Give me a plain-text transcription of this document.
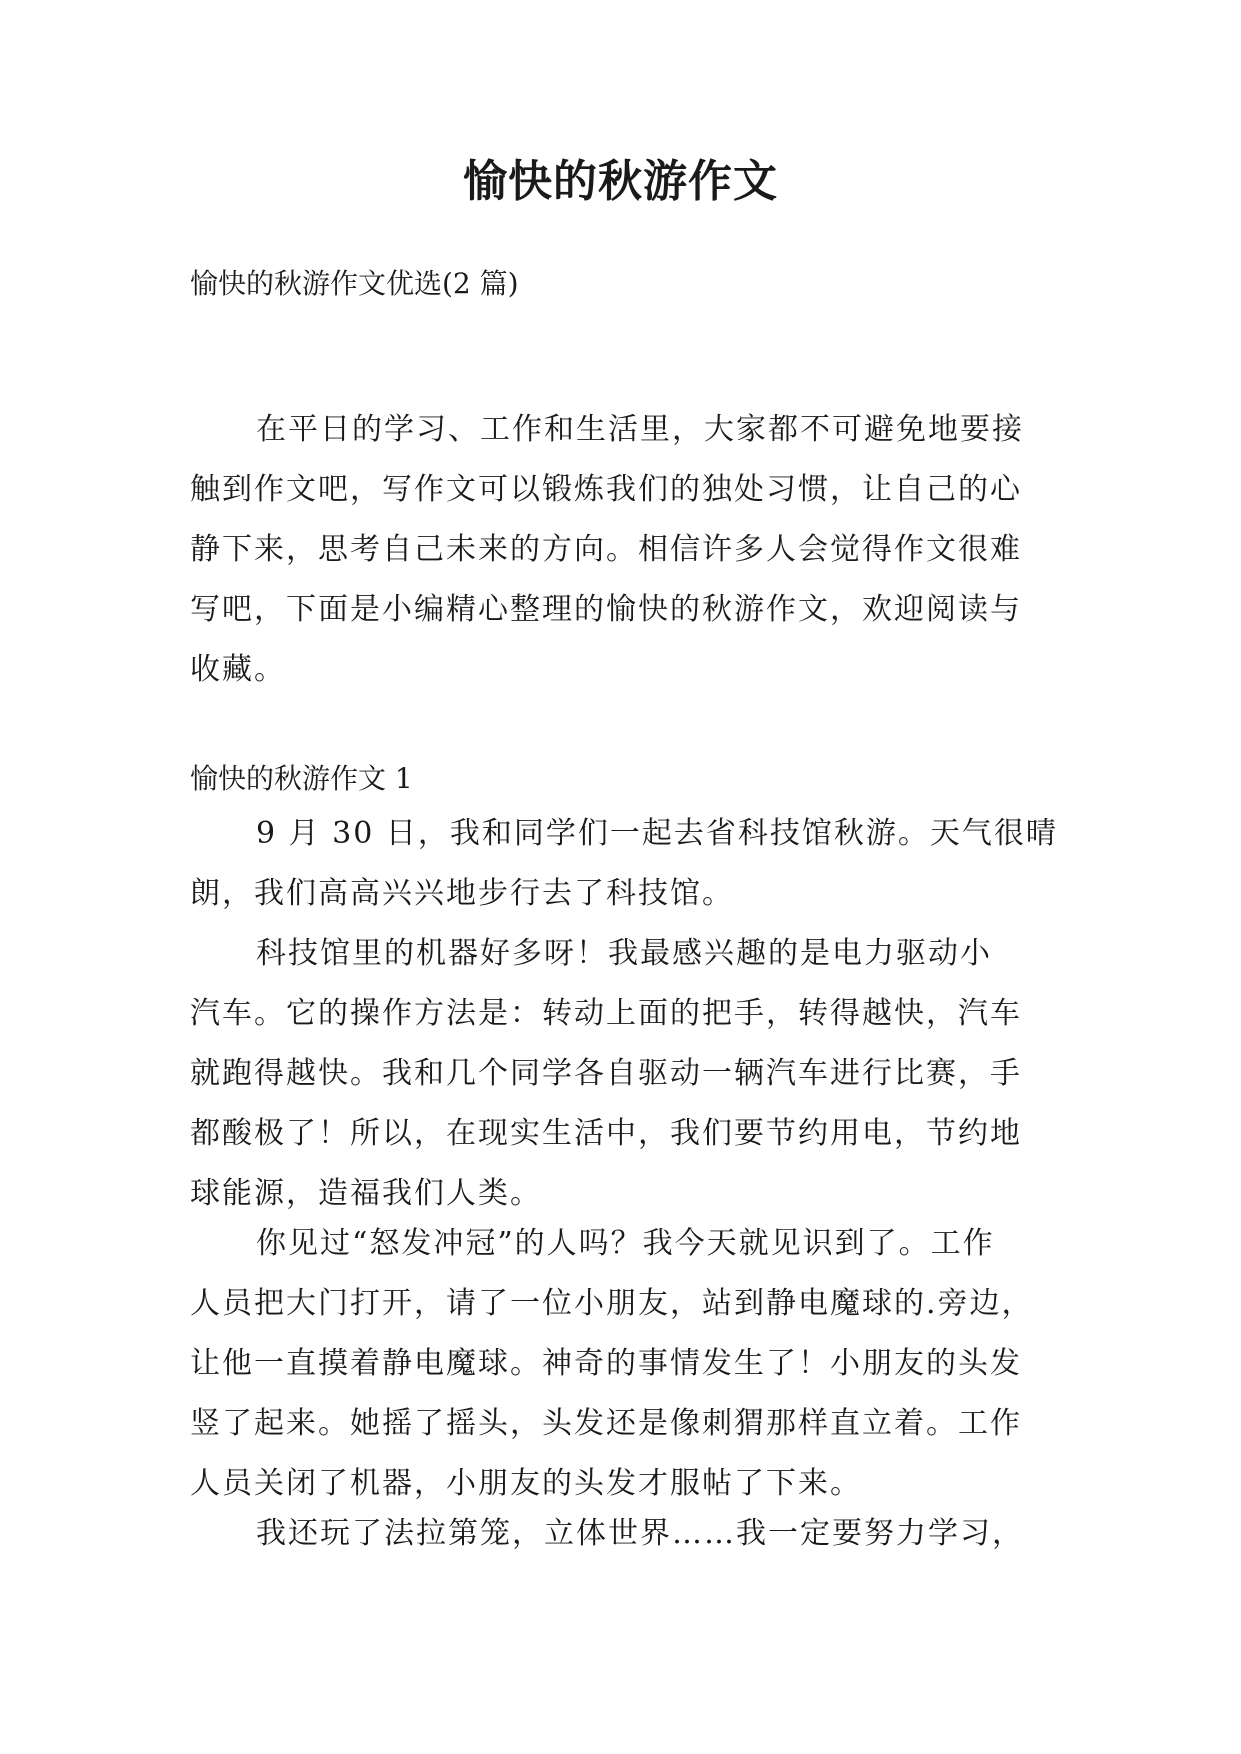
愉快的秋游作文

愉快的秋游作文优选(2 篇)

在平日的学习、工作和生活里，大家都不可避免地要接
触到作文吧，写作文可以锻炼我们的独处习惯，让自己的心
静下来，思考自己未来的方向。相信许多人会觉得作文很难
写吧，下面是小编精心整理的愉快的秋游作文，欢迎阅读与
收藏。

愉快的秋游作文 1

9 月 30 日，我和同学们一起去省科技馆秋游。天气很晴
朗，我们高高兴兴地步行去了科技馆。
科技馆里的机器好多呀！我最感兴趣的是电力驱动小
汽车。它的操作方法是：转动上面的把手，转得越快，汽车
就跑得越快。我和几个同学各自驱动一辆汽车进行比赛，手
都酸极了！所以，在现实生活中，我们要节约用电，节约地
球能源，造福我们人类。
你见过“怒发冲冠”的人吗？我今天就见识到了。工作
人员把大门打开，请了一位小朋友，站到静电魔球的.旁边，
让他一直摸着静电魔球。神奇的事情发生了！小朋友的头发
竖了起来。她摇了摇头，头发还是像刺猬那样直立着。工作
人员关闭了机器，小朋友的头发才服帖了下来。
我还玩了法拉第笼，立体世界……我一定要努力学习，
